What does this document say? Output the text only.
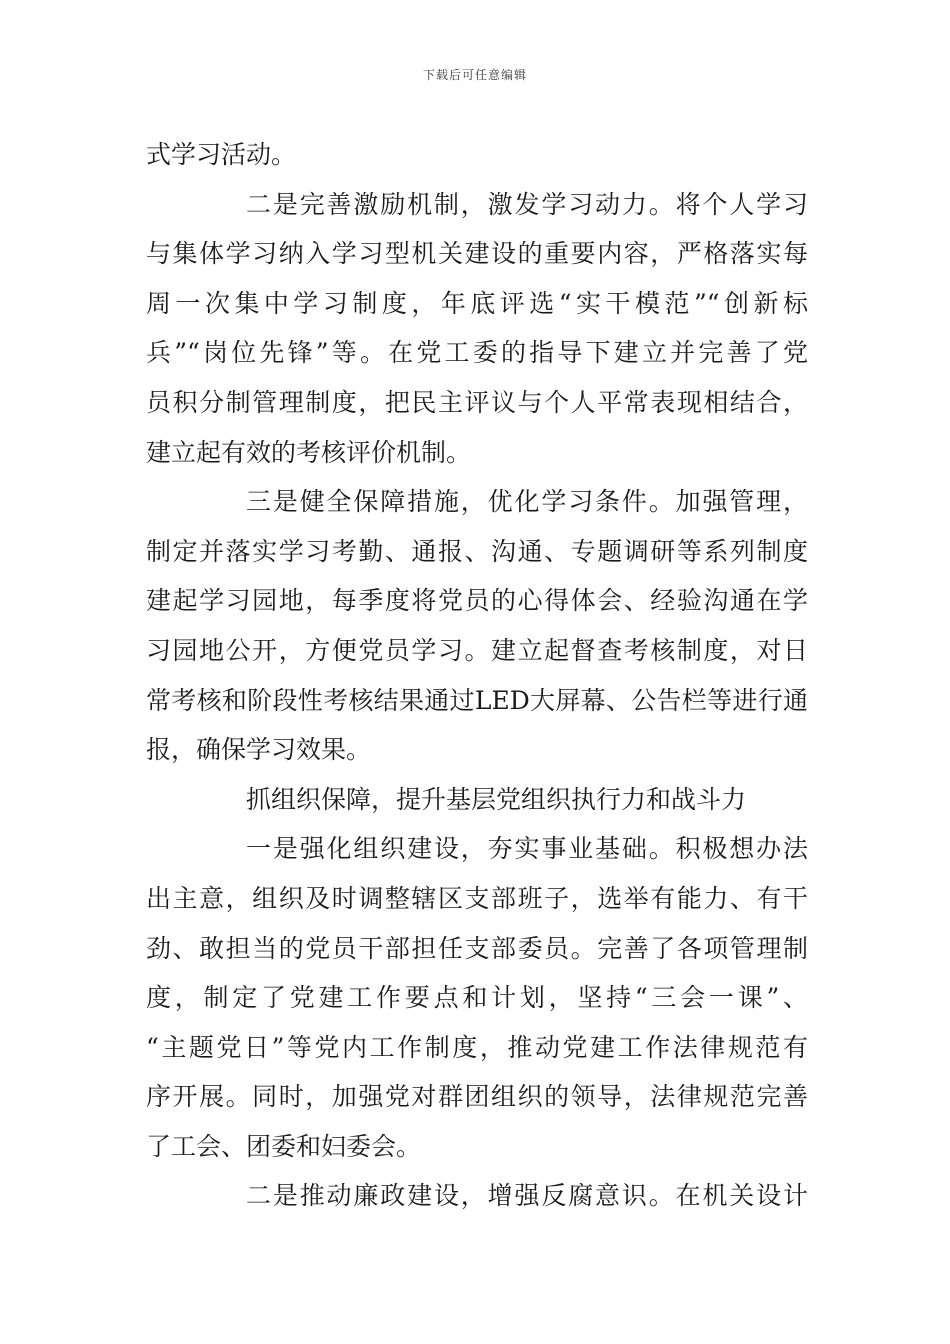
下载后可任意编辑
式学习活动。
二是完善激励机制，激发学习动力。将个人学习
与集体学习纳入学习型机关建设的重要内容，严格落实每
周一次集中学习制度，年底评选“实干模范”“创新标
兵”“岗位先锋”等。在党工委的指导下建立并完善了党
员积分制管理制度，把民主评议与个人平常表现相结合，
建立起有效的考核评价机制。
三是健全保障措施，优化学习条件。加强管理，
制定并落实学习考勤、通报、沟通、专题调研等系列制度
建起学习园地，每季度将党员的心得体会、经验沟通在学
习园地公开，方便党员学习。建立起督查考核制度，对日
常考核和阶段性考核结果通过LED大屏幕、公告栏等进行通
报，确保学习效果。
抓组织保障，提升基层党组织执行力和战斗力
一是强化组织建设，夯实事业基础。积极想办法
出主意，组织及时调整辖区支部班子，选举有能力、有干
劲、敢担当的党员干部担任支部委员。完善了各项管理制
度，制定了党建工作要点和计划，坚持“三会一课”、
“主题党日”等党内工作制度，推动党建工作法律规范有
序开展。同时，加强党对群团组织的领导，法律规范完善
了工会、团委和妇委会。
二是推动廉政建设，增强反腐意识。在机关设计
